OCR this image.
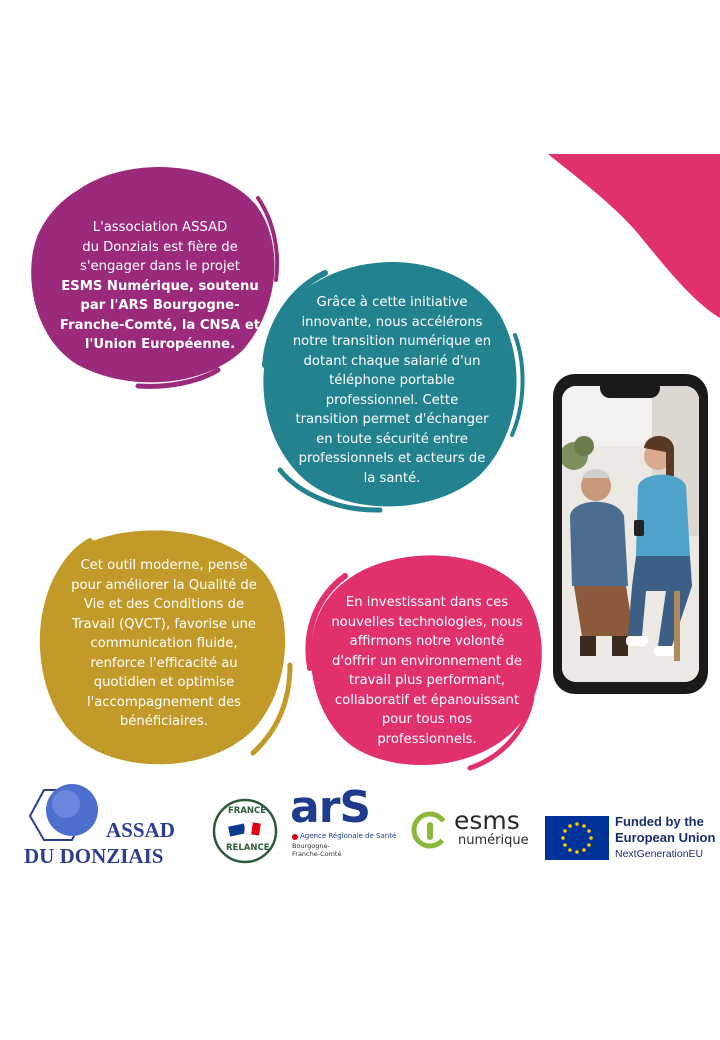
L'association ASSAD
du Donziais est fière de
s'engager dans le projet
ESMS Numérique, soutenu
par l'ARS Bourgogne-
Franche-Comté, la CNSA et
l'Union Européenne.
Grâce à cette initiative
innovante, nous accélérons
notre transition numérique en
dotant chaque salarié d'un
téléphone portable
professionnel. Cette
transition permet d'échanger
en toute sécurité entre
professionnels et acteurs de
la santé.
Cet outil moderne, pensé
pour améliorer la Qualité de
Vie et des Conditions de
Travail (QVCT), favorise une
communication fluide,
renforce l'efficacité au
quotidien et optimise
l'accompagnement des
bénéficiaires.
En investissant dans ces
nouvelles technologies, nous
affirmons notre volonté
d'offrir un environnement de
travail plus performant,
collaboratif et épanouissant
pour tous nos
professionnels.
ASSAD
DU DONZIAIS
FRANCE
RELANCE
arS
Agence Régionale de Santé
Bourgogne-
Franche-Comté
esms
numérique
Funded by the
European Union
NextGenerationEU
